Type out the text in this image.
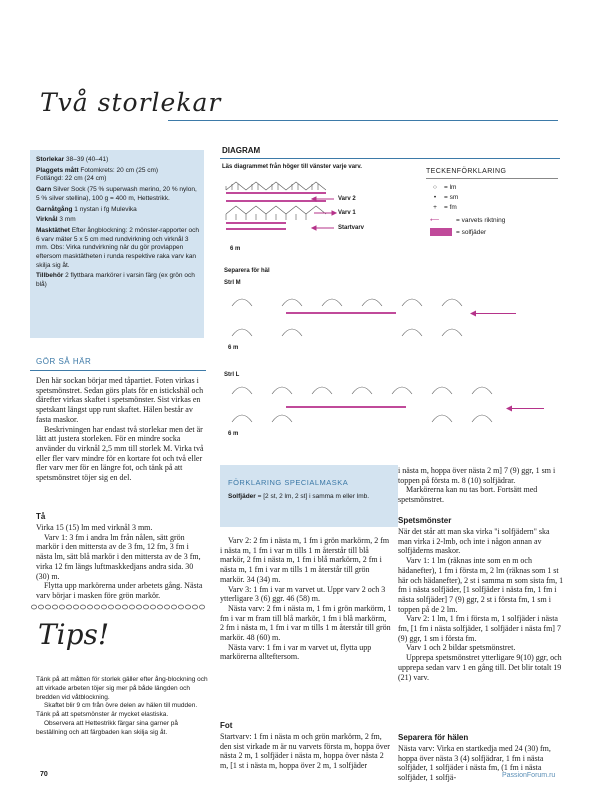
Två storlekar

Storlekar 38–39 (40–41)

Plaggets mått Fotomkrets: 20 cm (25 cm)
Fotlängd: 22 cm (24 cm)

Garn Silver Sock (75 % superwash merino, 20 % nylon, 5 % silver stellina), 100 g = 400 m, Hettestrikk.

Garnåtgång 1 nystan i fg Mulevika

Virknål 3 mm

Masktäthet Efter ångblockning: 2 mönster-rapporter och 6 varv mäter 5 x 5 cm med rundvirkning och virknål 3 mm. Obs: Virka rundvirkning när du gör provlappen eftersom masktätheten i runda respektive raka varv kan skilja sig åt.

Tillbehör 2 flyttbara markörer i varsin färg (ex grön och blå)

GÖR SÅ HÄR

Den här sockan börjar med tåpartiet. Foten virkas i spetsmönstret. Sedan görs plats för en istickshäl och därefter virkas skaftet i spetsmönster. Sist virkas en spetskant längst upp runt skaftet. Hälen består av fasta maskor.

Beskrivningen har endast två storlekar men det är lätt att justera storleken. För en mindre socka använder du virknål 2,5 mm till storlek M. Virka två eller fler varv mindre för en kortare fot och två eller fler varv mer för en längre fot, och tänk på att spetsmönstret töjer sig en del.

Tå

Virka 15 (15) lm med virknål 3 mm.

Varv 1: 3 fm i andra lm från nålen, sätt grön markör i den mittersta av de 3 fm, 12 fm, 3 fm i nästa lm, sätt blå markör i den mittersta av de 3 fm, virka 12 fm längs luftmaskkedjans andra sida. 30 (30) m.

Flytta upp markörerna under arbetets gång. Nästa varv börjar i masken före grön markör.

Tips!

Tänk på att måtten för storlek gäller efter ång-blockning och att virkade arbeten töjer sig mer på både längden och bredden vid våtblockning.

Skaftet blir 9 cm från övre delen av hälen till mudden. Tänk på att spetsmönster är mycket elastiska.

Observera att Hettestrikk färgar sina garner på beställning och att färgbaden kan skilja sig åt.

DIAGRAM
Läs diagrammet från höger till vänster varje varv.
6 m
Varv 2
Varv 1
Startvarv
TECKENFÖRKLARING
○	= lm
•	= sm
+	= fm
⟵	= varvets riktning
= solfjäder
Separera för häl
Strl M
6 m
Strl L
6 m
FÖRKLARING SPECIALMASKA
Solfjäder = [2 st, 2 lm, 2 st] i samma m eller lmb.

Varv 2: 2 fm i nästa m, 1 fm i grön markörm, 2 fm i nästa m, 1 fm i var m tills 1 m återstår till blå markör, 2 fm i nästa m, 1 fm i blå markörm, 2 fm i nästa m, 1 fm i var m tills 1 m återstår till grön markör. 34 (34) m.

Varv 3: 1 fm i var m varvet ut. Uppr varv 2 och 3 ytterligare 3 (6) ggr. 46 (58) m.

Nästa varv: 2 fm i nästa m, 1 fm i grön markörm, 1 fm i var m fram till blå markör, 1 fm i blå markörm, 2 fm i nästa m, 1 fm i var m tills 1 m återstår till grön markör. 48 (60) m.

Nästa varv: 1 fm i var m varvet ut, flytta upp markörerna allteftersom.

Fot

Startvarv: 1 fm i nästa m och grön markörm, 2 fm, den sist virkade m är nu varvets första m, hoppa över nästa 2 m, 1 solfjäder i nästa m, hoppa över nästa 2 m, [1 st i nästa m, hoppa över 2 m, 1 solfjäder

i nästa m, hoppa över nästa 2 m] 7 (9) ggr, 1 sm i toppen på första m. 8 (10) solfjädrar.

Markörerna kan nu tas bort. Fortsätt med spetsmönstret.

Spetsmönster

När det står att man ska virka "i solfjädern" ska man virka i 2-lmb, och inte i någon annan av solfjäderns maskor.

Varv 1: 1 lm (räknas inte som en m och hädanefter), 1 fm i första m, 2 lm (räknas som 1 st här och hädanefter), 2 st i samma m som sista fm, 1 fm i nästa solfjäder, [1 solfjäder i nästa fm, 1 fm i nästa solfjäder] 7 (9) ggr, 2 st i första fm, 1 sm i toppen på de 2 lm.

Varv 2: 1 lm, 1 fm i första m, 1 solfjäder i nästa fm, [1 fm i nästa solfjäder, 1 solfjäder i nästa fm] 7 (9) ggr, 1 sm i första fm.

Varv 1 och 2 bildar spetsmönstret.

Upprepa spetsmönstret ytterligare 9(10) ggr, och upprepa sedan varv 1 en gång till. Det blir totalt 19 (21) varv.

Separera för hälen

Nästa varv: Virka en startkedja med 24 (30) fm, hoppa över nästa 3 (4) solfjädrar, 1 fm i nästa solfjäder, 1 solfjäder i nästa fm, (1 fm i nästa solfjäder, 1 solfjä-

70	PassionForum.ru
